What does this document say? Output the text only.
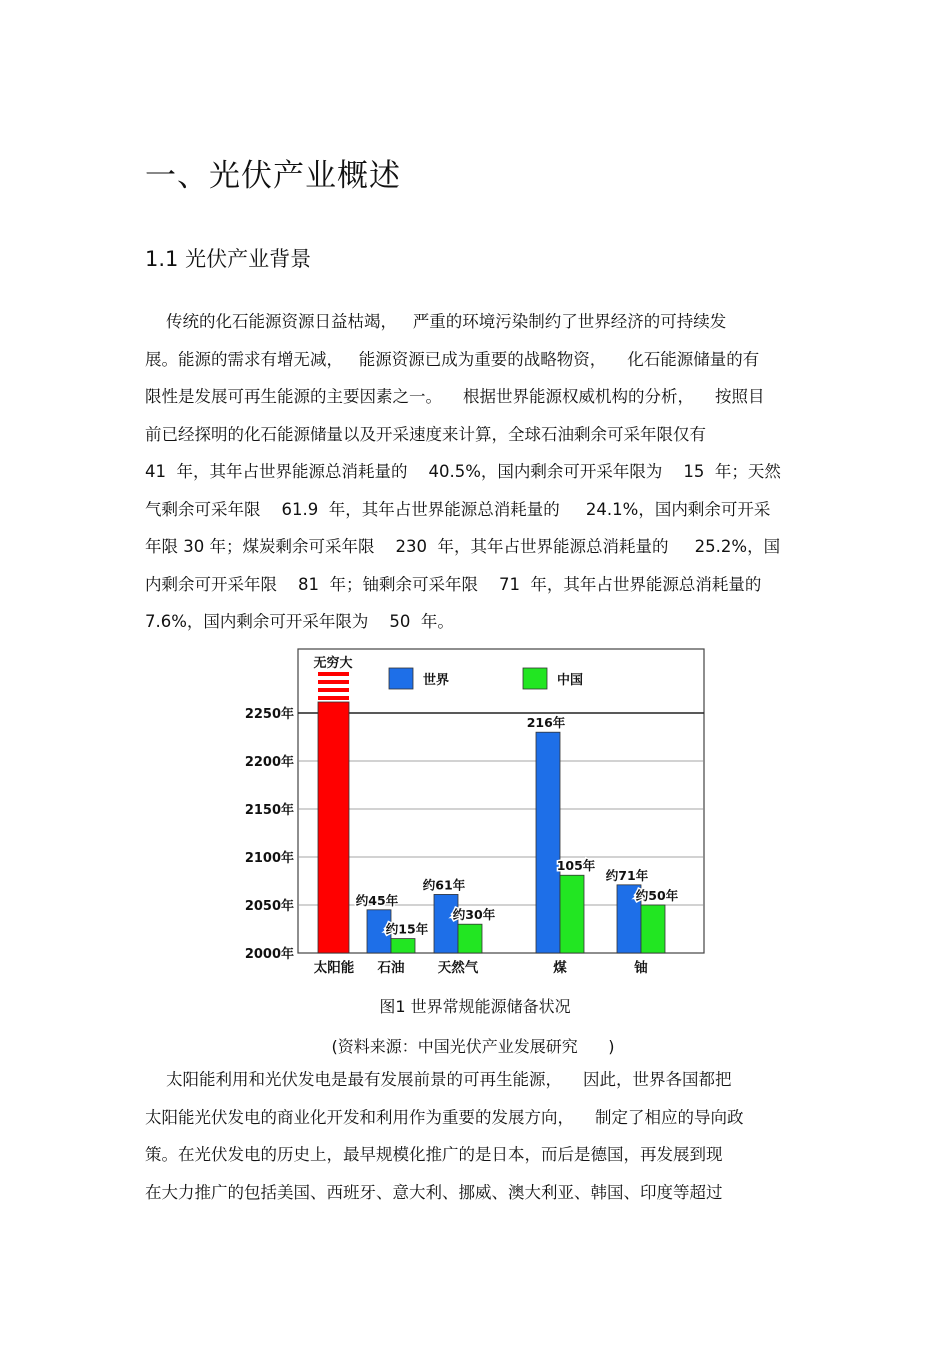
一、光伏产业概述
1.1 光伏产业背景

传统的化石能源资源日益枯竭，   严重的环境污染制约了世界经济的可持续发
展。能源的需求有增无减，   能源资源已成为重要的战略物资，    化石能源储量的有
限性是发展可再生能源的主要因素之一。    根据世界能源权威机构的分析，    按照目
前已经探明的化石能源储量以及开采速度来计算，全球石油剩余可采年限仅有
41  年，其年占世界能源总消耗量的    40.5%，国内剩余可开采年限为    15  年；天然
气剩余可采年限    61.9  年，其年占世界能源总消耗量的     24.1%，国内剩余可开采
年限 30 年；煤炭剩余可采年限    230  年，其年占世界能源总消耗量的     25.2%，国
内剩余可开采年限    81  年；铀剩余可采年限    71  年，其年占世界能源总消耗量的
7.6%，国内剩余可开采年限为    50  年。

2000年
2050年
2100年
2150年
2200年
2250年
无穷大
约45年
约61年
216年
约71年
约15年
约30年
105年
约50年
太阳能 石油 天然气	煤	铀
世界	中国

图1 世界常规能源储备状况

(资料来源：中国光伏产业发展研究      )

太阳能利用和光伏发电是最有发展前景的可再生能源，    因此，世界各国都把
太阳能光伏发电的商业化开发和利用作为重要的发展方向，    制定了相应的导向政
策。在光伏发电的历史上，最早规模化推广的是日本，而后是德国，再发展到现
在大力推广的包括美国、西班牙、意大利、挪威、澳大利亚、韩国、印度等超过
